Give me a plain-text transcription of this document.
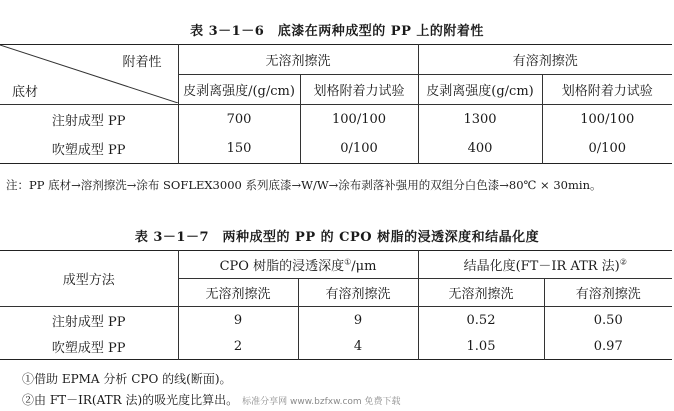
表 3－1－6　底漆在两种成型的 PP 上的附着性
附着性
底材	无溶剂擦洗		有溶剂擦洗	
	皮剥离强度/(g/cm)	划格附着力试验	皮剥离强度(g/cm)	划格附着力试验
注射成型 PP	700	100/100	1300	100/100
吹塑成型 PP	150	0/100	400	0/100
注：PP 底材→溶剂擦洗→涂布 SOFLEX3000 系列底漆→W/W→涂布剥落补强用的双组分白色漆→80℃ × 30min。
表 3－1－7　两种成型的 PP 的 CPO 树脂的浸透深度和结晶化度
成型方法	CPO 树脂的浸透深度①/μm		结晶化度(FT－IR ATR 法)②
	无溶剂擦洗	有溶剂擦洗	无溶剂擦洗	有溶剂擦洗
注射成型 PP	9	9	0.52	0.50
吹塑成型 PP	2	4	1.05	0.97
①借助 EPMA 分析 CPO 的线(断面)。
②由 FT－IR(ATR 法)的吸光度比算出。 标准分享网 www.bzfxw.com 免费下载
